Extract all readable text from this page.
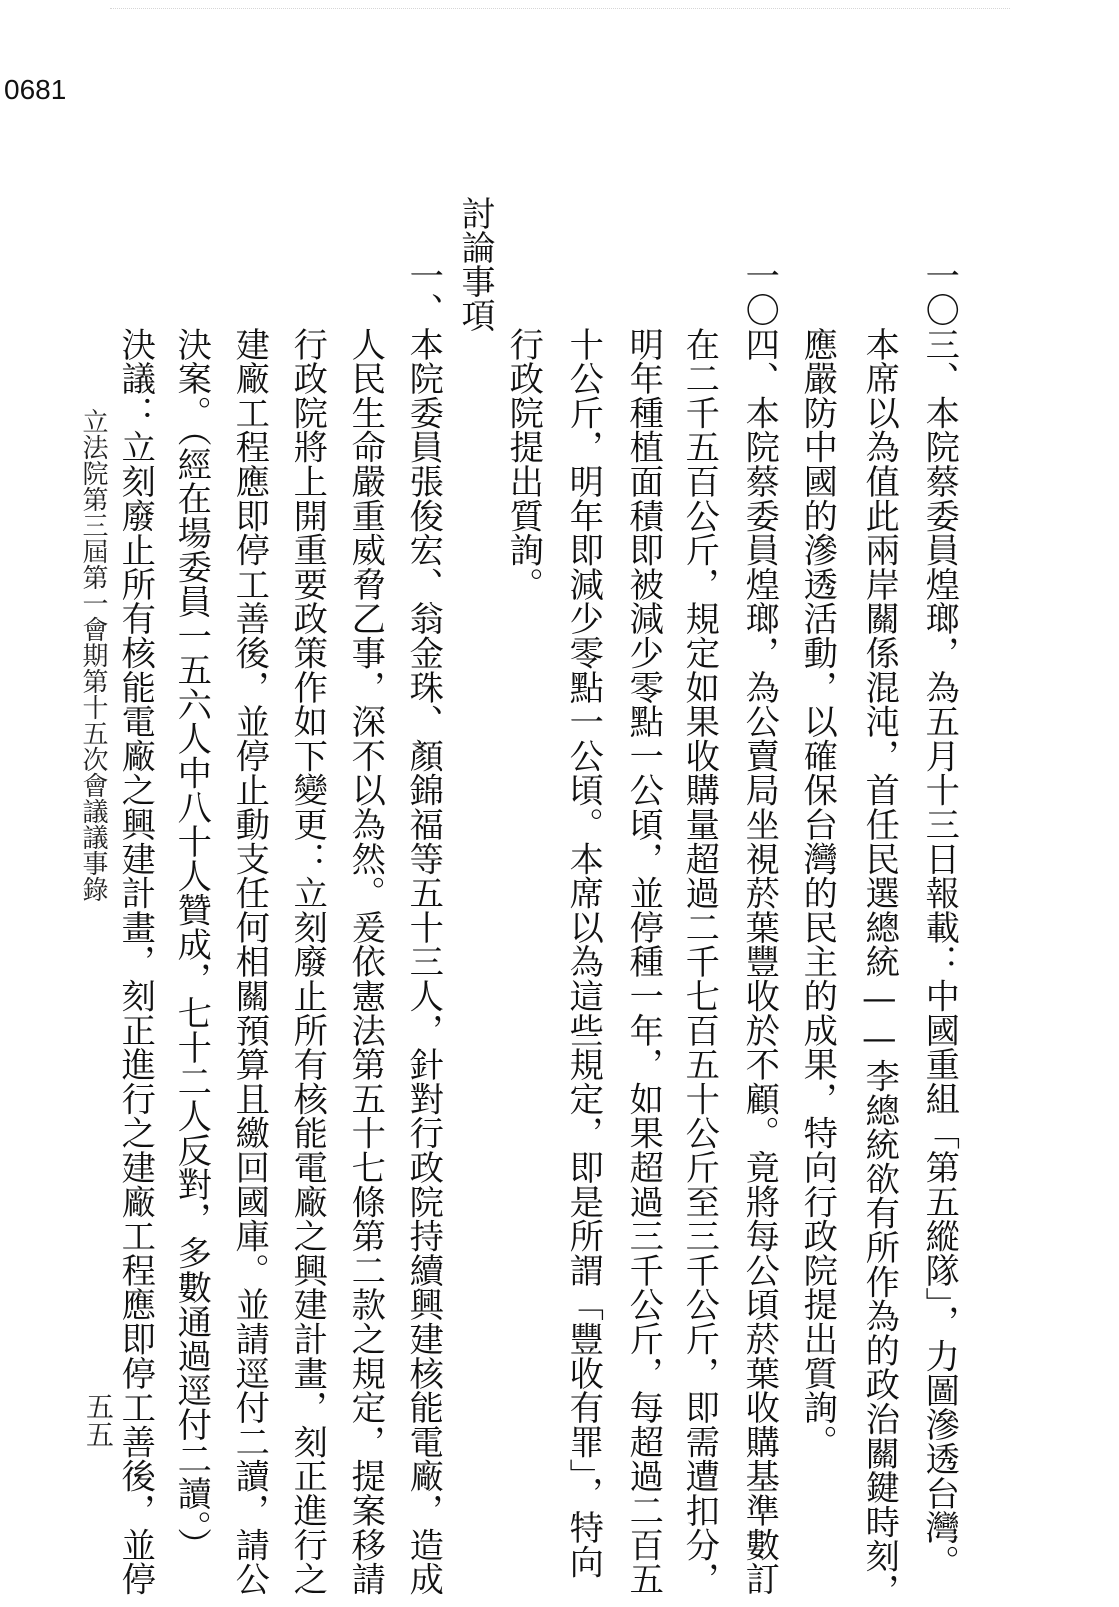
0681
討論事項	一〇三、本院蔡委員煌瑯，為五月十三日報載：中國重組「第五縱隊」，力圖滲透台灣。
　　本席以為值此兩岸關係混沌，首任民選總統——李總統欲有所作為的政治關鍵時刻，
　　應嚴防中國的滲透活動，以確保台灣的民主的成果，特向行政院提出質詢。
一〇四、本院蔡委員煌瑯，為公賣局坐視菸葉豐收於不顧。竟將每公頃菸葉收購基準數訂
　　在二千五百公斤，規定如果收購量超過二千七百五十公斤至三千公斤，即需遭扣分，
　　明年種植面積即被減少零點一公頃，並停種一年，如果超過三千公斤，每超過二百五
　　十公斤，明年即減少零點一公頃。本席以為這些規定，即是所謂「豐收有罪」，特向
　　行政院提出質詢。
一、本院委員張俊宏、翁金珠、顏錦福等五十三人，針對行政院持續興建核能電廠，造成
　　人民生命嚴重威脅乙事，深不以為然。爰依憲法第五十七條第二款之規定，提案移請
　　行政院將上開重要政策作如下變更：立刻廢止所有核能電廠之興建計畫，刻正進行之
　　建廠工程應即停工善後，並停止動支任何相關預算且繳回國庫。並請逕付二讀，請公
　　決案。（經在場委員一五六人中八十人贊成，七十二人反對，多數通過逕付二讀。）
　　決議：立刻廢止所有核能電廠之興建計畫，刻正進行之建廠工程應即停工善後，並停
立法院第三屆第一會期第十五次會議議事錄
五五
